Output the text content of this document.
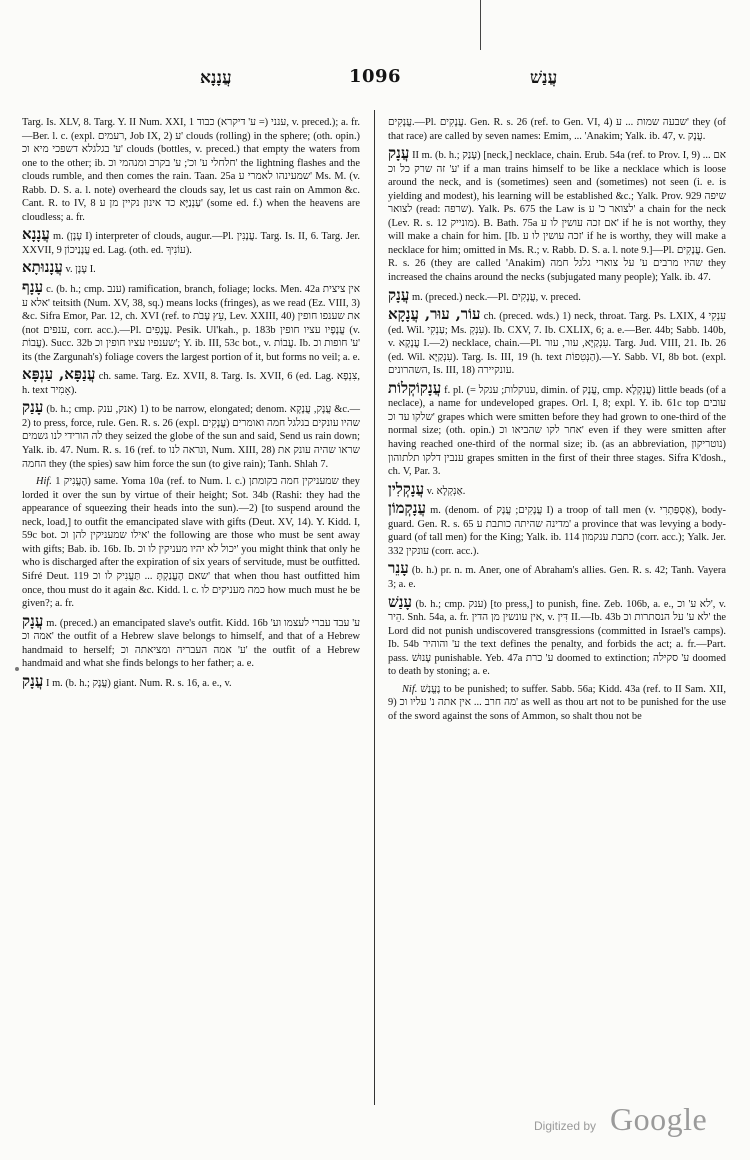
עֲנָנָא	1096	עֲנַשׁ

Targ. Is. XLV, 8. Targ. Y. II Num. XXI, 1 ענני (= ע' דיקרא) כבוד, v. preced.); a. fr.—Ber. l. c. (expl. רעמים, Job IX, 2) ע' clouds (rolling) in the sphere; (oth. opin.) ע' בגלגלא דשפכי מיא וכ' clouds (bottles, v. preced.) that empty the waters from one to the other; ib. חלחלי ע' וכ'; ע' בקרב ומנהמי וכ' the lightning flashes and the clouds rumble, and then comes the rain. Taan. 25a שמעינהו לאמרי ע' Ms. M. (v. Rabb. D. S. a. l. note) overheard the clouds say, let us cast rain on Ammon &c. Cant. R. to IV, 8 עַנְנַיָּא כד אינון נקיין מן ע' (some ed. f.) when the heavens are cloudless; a. fr.

עֲנָנָא m. (עָנָן I) interpreter of clouds, augur.—Pl. עֲנָנִין. Targ. Is. II, 6. Targ. Jer. XXVII, 9 עֲנָנַיכוֹן ed. Lag. (oth. ed. עוֹנִיךְ).

עֲנָנוּתָא v. עָנָן I.

עָנָף c. (b. h.; cmp. ענב) ramification, branch, foliage; locks. Men. 42a אין ציצית אלא ע' teitsith (Num. XV, 38, sq.) means locks (fringes), as we read (Ez. VIII, 3) &c. Sifra Emor, Par. 12, ch. XVI (ref. to עֵץ עָבֹת, Lev. XXIII, 40) את שענפו חופין (not ענפים, corr. acc.).—Pl. עֲנָפִים. Pesik. Ul'kah., p. 183b עֲנָפָיו עציו חופין (v. עֲבוֹת). Succ. 32b שענפיו עציו חופין וכ'; Y. ib. III, 53c bot., v. עֲבוֹת. Ib. ע' חופות וכ' its (the Zargunah's) foliage covers the largest portion of it, but forms no veil; a. e.

עֲנַפָּא, עַנְפָּא ch. same. Targ. Ez. XVII, 8. Targ. Is. XVII, 6 (ed. Lag. צִנְפָא, h. text אָמִיר).

עָנַק (b. h.; cmp. אנק, ענק) 1) to be narrow, elongated; denom. עֲנָק, עֲנָקָא &c.—2) to press, force, rule. Gen. R. s. 26 (expl. עֲנָקִים) שהיו עונקים בגלגל חמה ואומרים לה הורידי לנו גשמים they seized the globe of the sun and said, Send us rain down; Yalk. ib. 47. Num. R. s. 16 (ref. to ונראה לנו, Num. XIII, 28) שראו שהיה עונק את החמה they (the spies) saw him force the sun (to give rain); Tanh. Shlah 7.

Hif. הֶעֱנִיק 1) same. Yoma 10a (ref. to Num. l. c.) שמעניקין חמה בקומתן they lorded it over the sun by virtue of their height; Sot. 34b (Rashi: they had the appearance of squeezing their heads into the sun).—2) [to suspend around the neck, load,] to outfit the emancipated slave with gifts (Deut. XV, 14). Y. Kidd. I, 59c bot. אילו שמעניקין להן וכ' the following are those who must be sent away with gifts; Bab. ib. 16b. Ib. יכול לא יהיו מעניקין לו וכ' you might think that only he who is discharged after the expiration of six years of servitude, must be outfitted. Sifré Deut. 119 שאם הֶעֱנַקְתָּ ... תַּעֲנִיק לו וכ' that when thou hast outfitted him once, thou must do it again &c. Kidd. l. c. כמה מעניקים לו how much must he be given?; a. fr.

עֲנָק m. (preced.) an emancipated slave's outfit. Kidd. 16b ע' עבד עברי לעצמו וע' אמה וכ' the outfit of a Hebrew slave belongs to himself, and that of a Hebrew handmaid to herself; ע' אמה העבריה ומציאתה וכ' the outfit of a Hebrew handmaid and what she finds belongs to her father; a. e.

עֲנָק I m. (b. h.; עֲנָק) giant. Num. R. s. 16, a. e., v.

עֲנָקִים.—Pl. עֲנָקִים. Gen. R. s. 26 (ref. to Gen. VI, 4) שבעה שמות ... ע' they (of that race) are called by seven names: Emim, ... 'Anakim; Yalk. ib. 47, v. עֲנָק.

עֲנָק II m. (b. h.; עָנַק) [neck,] necklace, chain. Erub. 54a (ref. to Prov. I, 9) אם ... ע' זה שרק כל וכ' if a man trains himself to be like a necklace which is loose around the neck, and is (sometimes) seen and (sometimes) not seen (i. e. is yielding and modest), his learning will be established &c.; Yalk. Prov. 929 שיפה לצואר (read: שרפה). Yalk. Ps. 675 the Law is לצואר כ' ע' a chain for the neck (Lev. R. s. 12 מונייק). B. Bath. 75a אם זכה עושין לו ע' if he is not worthy, they will make a chain for him. [Ib. זכה עושין לו ע' if he is worthy, they will make a necklace for him; omitted in Ms. R.; v. Rabb. D. S. a. l. note 9.]—Pl. עֲנָקִים. Gen. R. s. 26 (they are called 'Anakim) שהיו מרבים ע' על צוארי גלגל חמה they increased the chains around the necks (subjugated many people); Yalk. ib. 47.

עֲנָק m. (preced.) neck.—Pl. עֲנָקִים, v. preced.

עוֹר, עוּר, עֲנָקָא ch. (preced. wds.) 1) neck, throat. Targ. Ps. LXIX, 4 עִנְקִי (ed. Wil. עַנְקִי; Ms. עִנְקְ). Ib. CXV, 7. Ib. CXLIX, 6; a. e.—Ber. 44b; Sabb. 140b, v. עֲנָקָא I.—2) necklace, chain.—Pl. עִנְקַיָּא, עור, עור. Targ. Jud. VIII, 21. Ib. 26 (ed. Wil. עִנְקַיָּא). Targ. Is. III, 19 (h. text הַנְּטִפוֹת).—Y. Sabb. VI, 8b bot. (expl. השהרונים, Is. III, 18) עונקיירה.

עֲנָקוֹקְלוֹת f. pl. (= ענוקלות; ענקל, dimin. of עֲנָק, cmp. עֲנְקְלָא) little beads (of a neclace), a name for undeveloped grapes. Orl. I, 8; expl. Y. ib. 61c top עובים שלקו עד וכ' grapes which were smitten before they had grown to one-third of the normal size; (oth. opin.) אחר לקו שהביאו וכ' even if they were smitten after having reached one-third of the normal size; ib. (as an abbreviation, נוטריקון) ענבין דלקו תלתוהון grapes smitten in the first of their three stages. Sifra K'dosh., ch. V, Par. 3.

עֲנָקְלִין v. אַנְקְלָא.

עֲנָקְמוֹן m. (denom. of עֲנָקִים; עֲנָק I) a troop of tall men (v. אַסְפַּתְרִי), body-guard. Gen. R. s. 65 מדינה שהיתה כותבת ע' a province that was levying a body-guard (of tall men) for the King; Yalk. ib. 114 כתבת ענקמון (corr. acc.); Yalk. Jer. 332 עונקין (corr. acc.).

עָנֵר (b. h.) pr. n. m. Aner, one of Abraham's allies. Gen. R. s. 42; Tanh. Vayera 3; a. e.

עָנַשׁ (b. h.; cmp. ענק) [to press,] to punish, fine. Zeb. 106b, a. e., לא ע' וכ', v. הֵיר. Snh. 54a, a. fr. אין עונשין מן הדין, v. דִּין II.—Ib. 43b לא ע' על הנסתרות וכ' the Lord did not punish undiscovered transgressions (committed in Israel's camps). Ib. 54b ע' והוהיר the text defines the penalty, and forbids the act; a. fr.—Part. pass. עָנוּשׁ punishable. Yeb. 47a ע' כרת doomed to extinction; ע' סקילה doomed to death by stoning; a. e.

Nif. נֶעֱנַשׁ to be punished; to suffer. Sabb. 56a; Kidd. 43a (ref. to II Sam. XII, 9) מה חרב ... אין אתה נ' עליו וכ' as well as thou art not to be punished for the use of the sword against the sons of Ammon, so shalt thou not be

Digitized by Google
